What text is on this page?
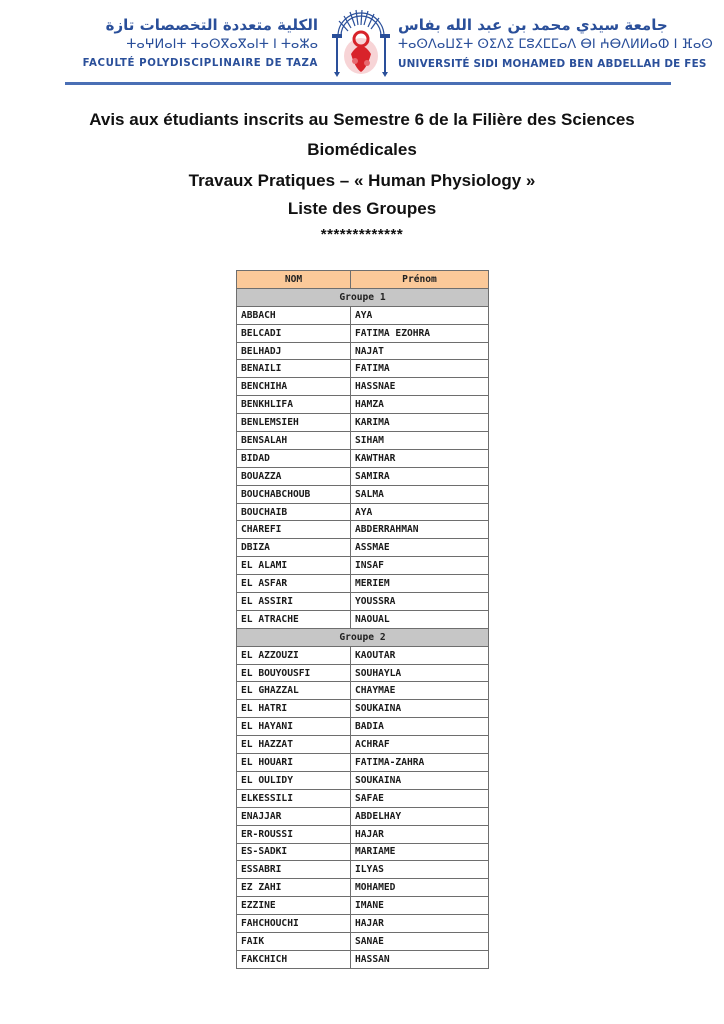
الكلية متعددة التخصصات تازة
ⵜⴰⵖⵍⴰⵏⵜ ⵜⴰⵙⴳⴰⴳⴰⵏⵜ ⵏ ⵜⴰⵣⴰ
FACULTÉ POLYDISCIPLINAIRE DE TAZA
جامعة سيدي محمد بن عبد الله بفاس
ⵜⴰⵙⴷⴰⵡⵉⵜ ⵙⵉⴷⵉ ⵎⵓⵃⵎⵎⴰⴷ ⴱⵏ ⵄⴱⴷⵍⵍⴰⵀ ⵏ ⴼⴰⵙ
UNIVERSITÉ SIDI MOHAMED BEN ABDELLAH DE FES
Avis aux étudiants inscrits au Semestre 6 de la Filière des Sciences
Biomédicales
Travaux Pratiques – « Human Physiology »
Liste des Groupes
*************
NOM	Prénom
Groupe 1	
ABBACH	AYA
BELCADI	FATIMA EZOHRA
BELHADJ	NAJAT
BENAILI	FATIMA
BENCHIHA	HASSNAE
BENKHLIFA	HAMZA
BENLEMSIEH	KARIMA
BENSALAH	SIHAM
BIDAD	KAWTHAR
BOUAZZA	SAMIRA
BOUCHABCHOUB	SALMA
BOUCHAIB	AYA
CHAREFI	ABDERRAHMAN
DBIZA	ASSMAE
EL ALAMI	INSAF
EL ASFAR	MERIEM
EL ASSIRI	YOUSSRA
EL ATRACHE	NAOUAL
Groupe 2	
EL AZZOUZI	KAOUTAR
EL BOUYOUSFI	SOUHAYLA
EL GHAZZAL	CHAYMAE
EL HATRI	SOUKAINA
EL HAYANI	BADIA
EL HAZZAT	ACHRAF
EL HOUARI	FATIMA-ZAHRA
EL OULIDY	SOUKAINA
ELKESSILI	SAFAE
ENAJJAR	ABDELHAY
ER-ROUSSI	HAJAR
ES-SADKI	MARIAME
ESSABRI	ILYAS
EZ ZAHI	MOHAMED
EZZINE	IMANE
FAHCHOUCHI	HAJAR
FAIK	SANAE
FAKCHICH	HASSAN
